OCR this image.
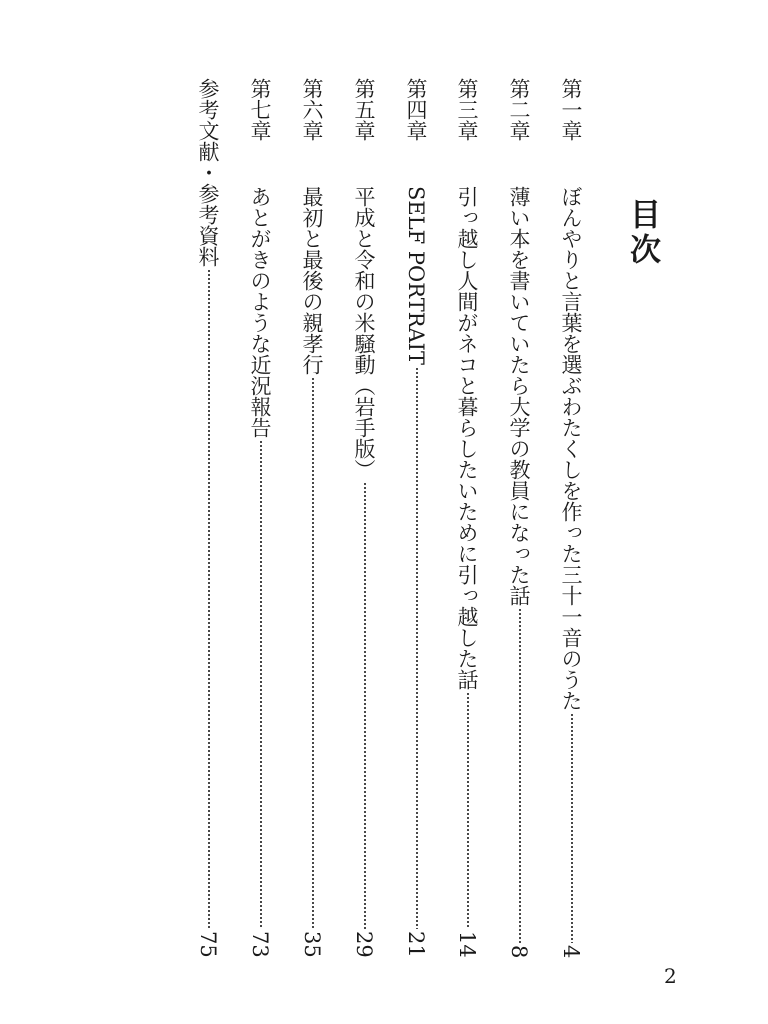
目次
第一章
ぼんやりと言葉を選ぶわたくしを作った三十一音のうた
4
第二章
薄い本を書いていたら大学の教員になった話
8
第三章
引っ越し人間がネコと暮らしたいために引っ越した話
14
第四章
SELF PORTRAIT
21
第五章
平成と令和の米騒動（岩手版）
29
第六章
最初と最後の親孝行
35
第七章
あとがきのような近況報告
73
参考文献・参考資料
75
2
